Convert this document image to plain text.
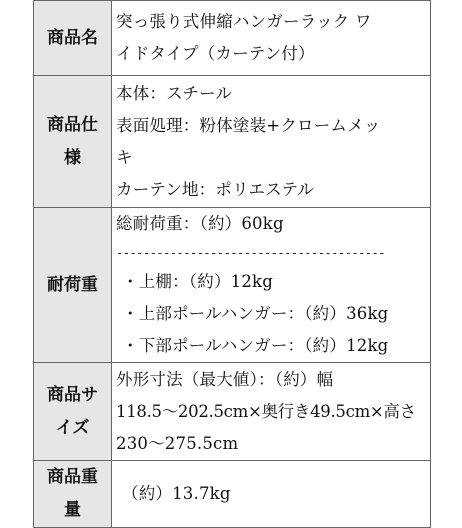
商品名	突っ張り式伸縮ハンガーラック ワ
イドタイプ（カーテン付）

商品仕
様	本体：スチール
表面処理：粉体塗装+クロームメッ
キ
カーテン地：ポリエステル

耐荷重	総耐荷重：（約）60kg
----------------------------------------
・上棚：（約）12kg
・上部ポールハンガー：（約）36kg
・下部ポールハンガー：（約）12kg

商品サ
イズ	外形寸法（最大値）：（約）幅
118.5〜202.5cm×奥行き49.5cm×高さ
230〜275.5cm

商品重
量	（約）13.7kg
